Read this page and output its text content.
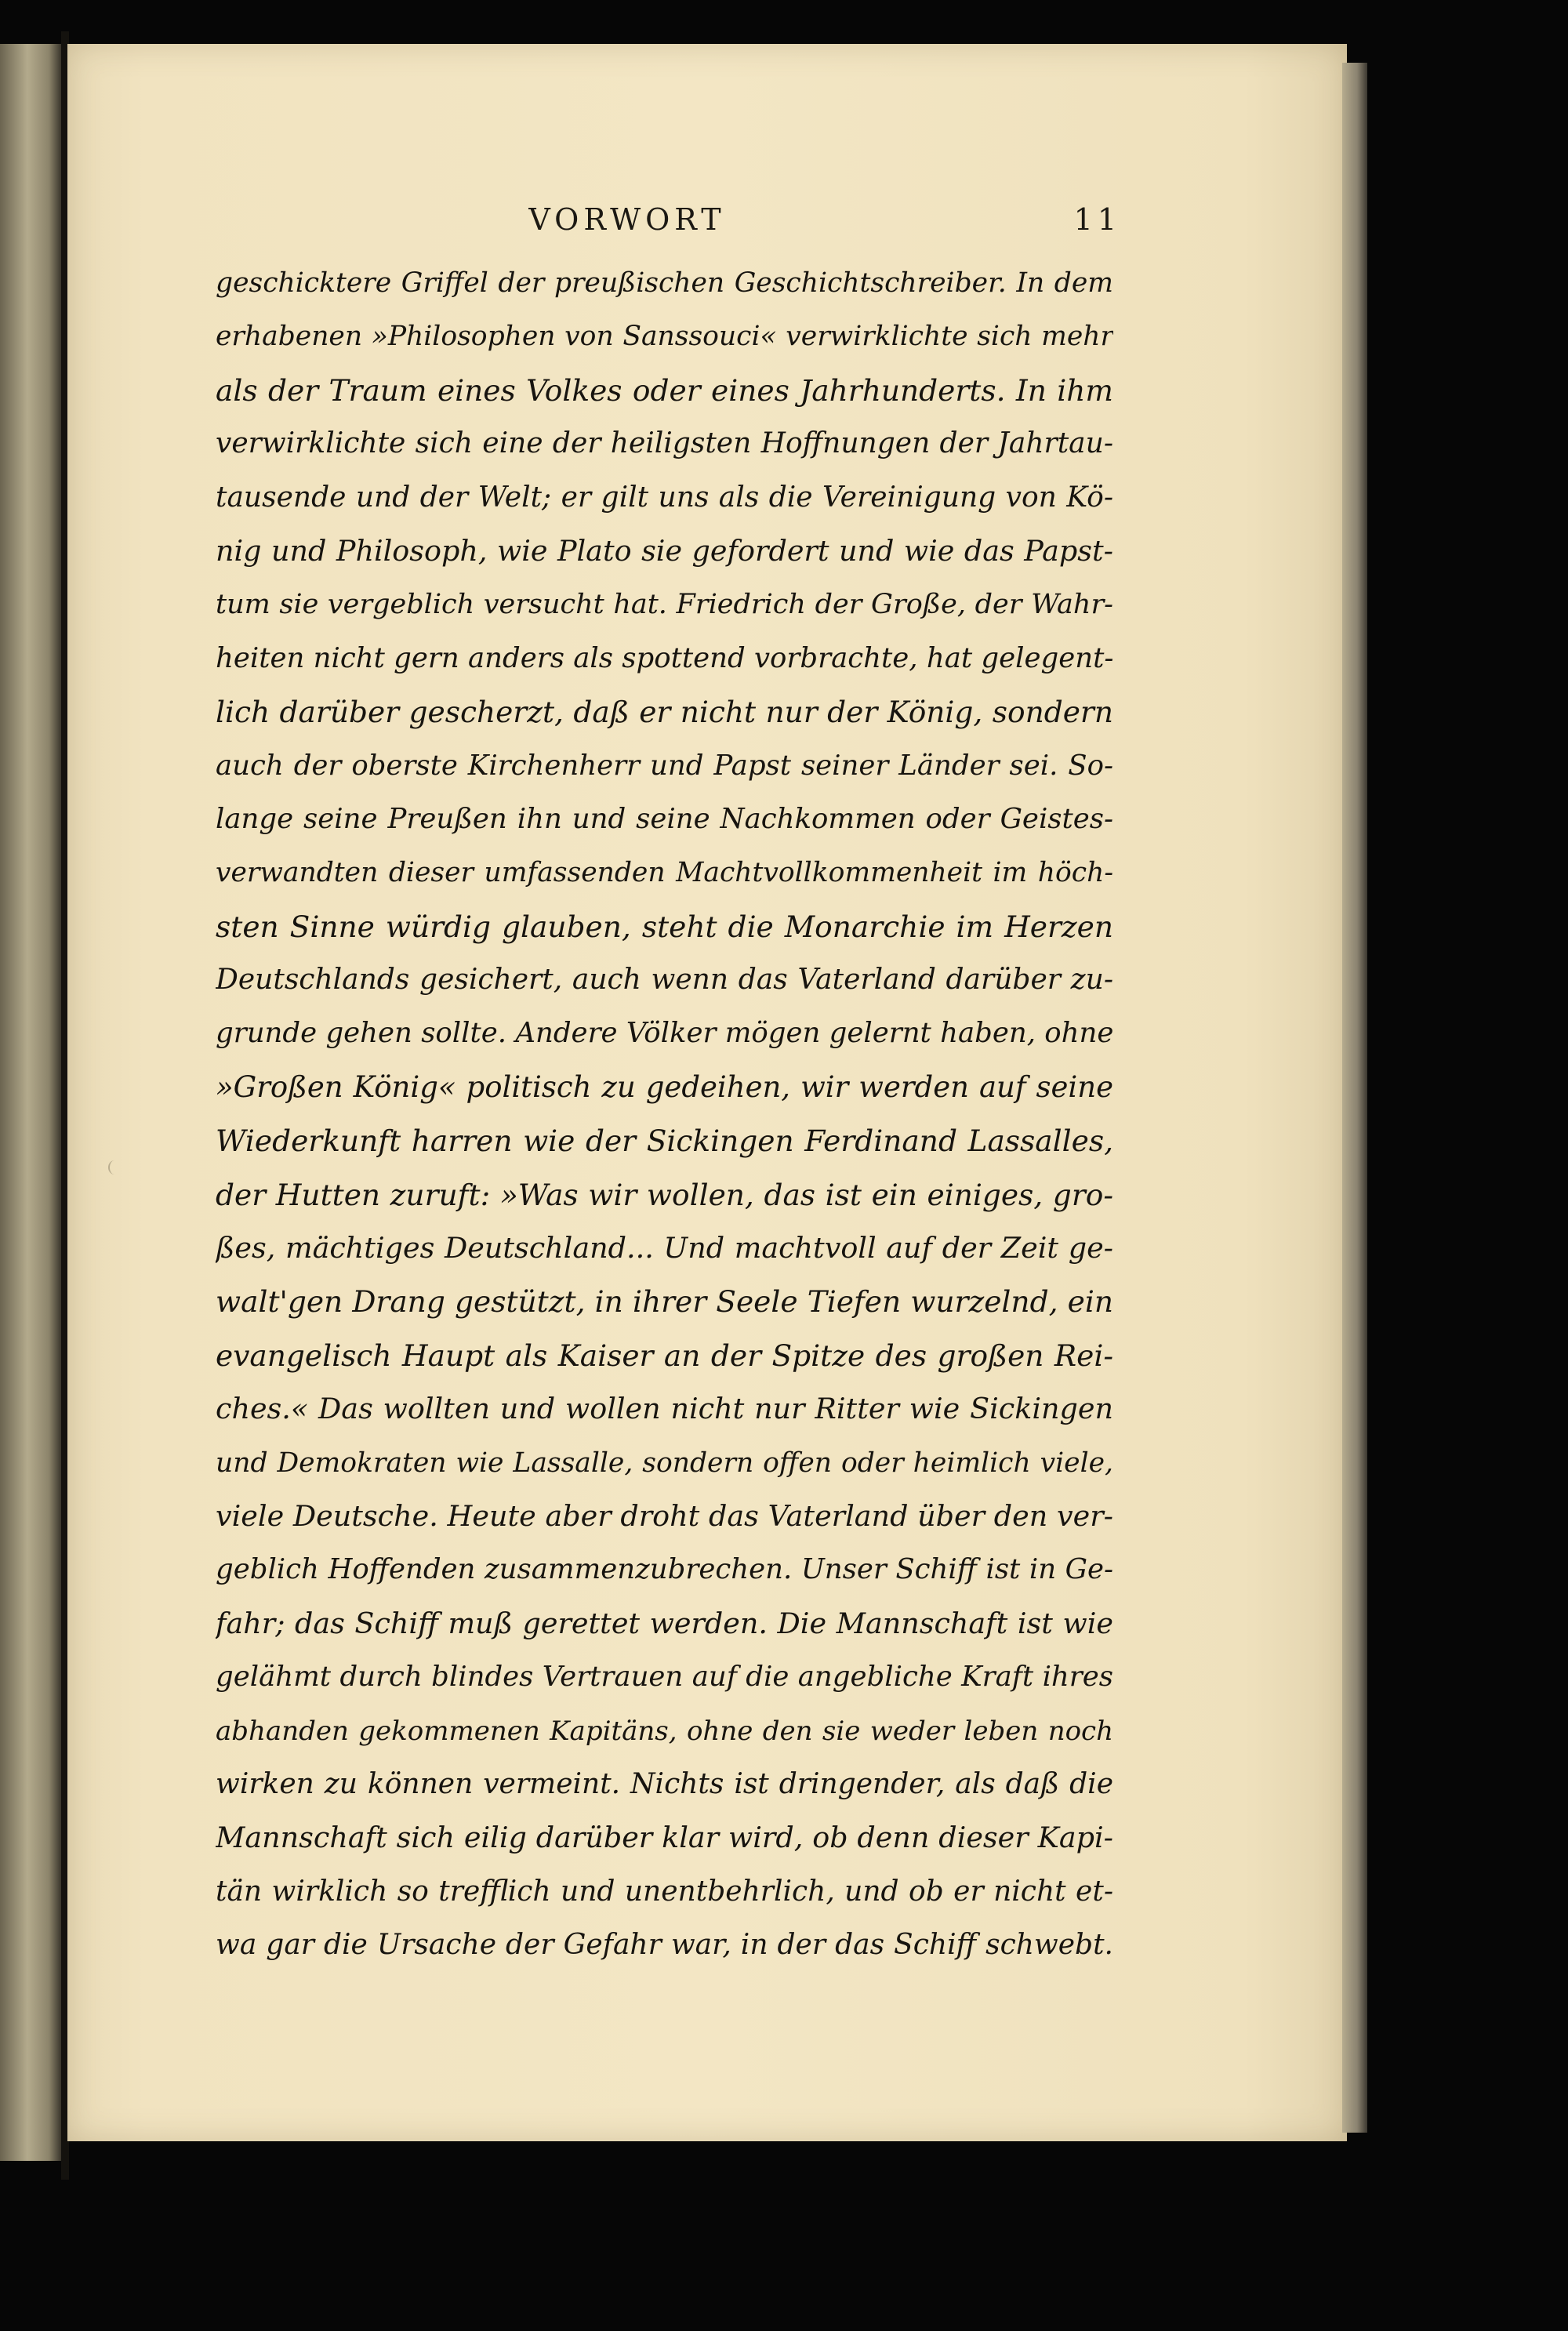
VORWORT	11
geschicktere Griffel der preußischen Geschichtschreiber. In dem
erhabenen »Philosophen von Sanssouci« verwirklichte sich mehr
als der Traum eines Volkes oder eines Jahrhunderts. In ihm
verwirklichte sich eine der heiligsten Hoffnungen der Jahrtau-
tausende und der Welt; er gilt uns als die Vereinigung von Kö-
nig und Philosoph, wie Plato sie gefordert und wie das Papst-
tum sie vergeblich versucht hat. Friedrich der Große, der Wahr-
heiten nicht gern anders als spottend vorbrachte, hat gelegent-
lich darüber gescherzt, daß er nicht nur der König, sondern
auch der oberste Kirchenherr und Papst seiner Länder sei. So-
lange seine Preußen ihn und seine Nachkommen oder Geistes-
verwandten dieser umfassenden Machtvollkommenheit im höch-
sten Sinne würdig glauben, steht die Monarchie im Herzen
Deutschlands gesichert, auch wenn das Vaterland darüber zu-
grunde gehen sollte. Andere Völker mögen gelernt haben, ohne
»Großen König« politisch zu gedeihen, wir werden auf seine
Wiederkunft harren wie der Sickingen Ferdinand Lassalles,
der Hutten zuruft: »Was wir wollen, das ist ein einiges, gro-
ßes, mächtiges Deutschland... Und machtvoll auf der Zeit ge-
walt'gen Drang gestützt, in ihrer Seele Tiefen wurzelnd, ein
evangelisch Haupt als Kaiser an der Spitze des großen Rei-
ches.« Das wollten und wollen nicht nur Ritter wie Sickingen
und Demokraten wie Lassalle, sondern offen oder heimlich viele,
viele Deutsche. Heute aber droht das Vaterland über den ver-
geblich Hoffenden zusammenzubrechen. Unser Schiff ist in Ge-
fahr; das Schiff muß gerettet werden. Die Mannschaft ist wie
gelähmt durch blindes Vertrauen auf die angebliche Kraft ihres
abhanden gekommenen Kapitäns, ohne den sie weder leben noch
wirken zu können vermeint. Nichts ist dringender, als daß die
Mannschaft sich eilig darüber klar wird, ob denn dieser Kapi-
tän wirklich so trefflich und unentbehrlich, und ob er nicht et-
wa gar die Ursache der Gefahr war, in der das Schiff schwebt.
